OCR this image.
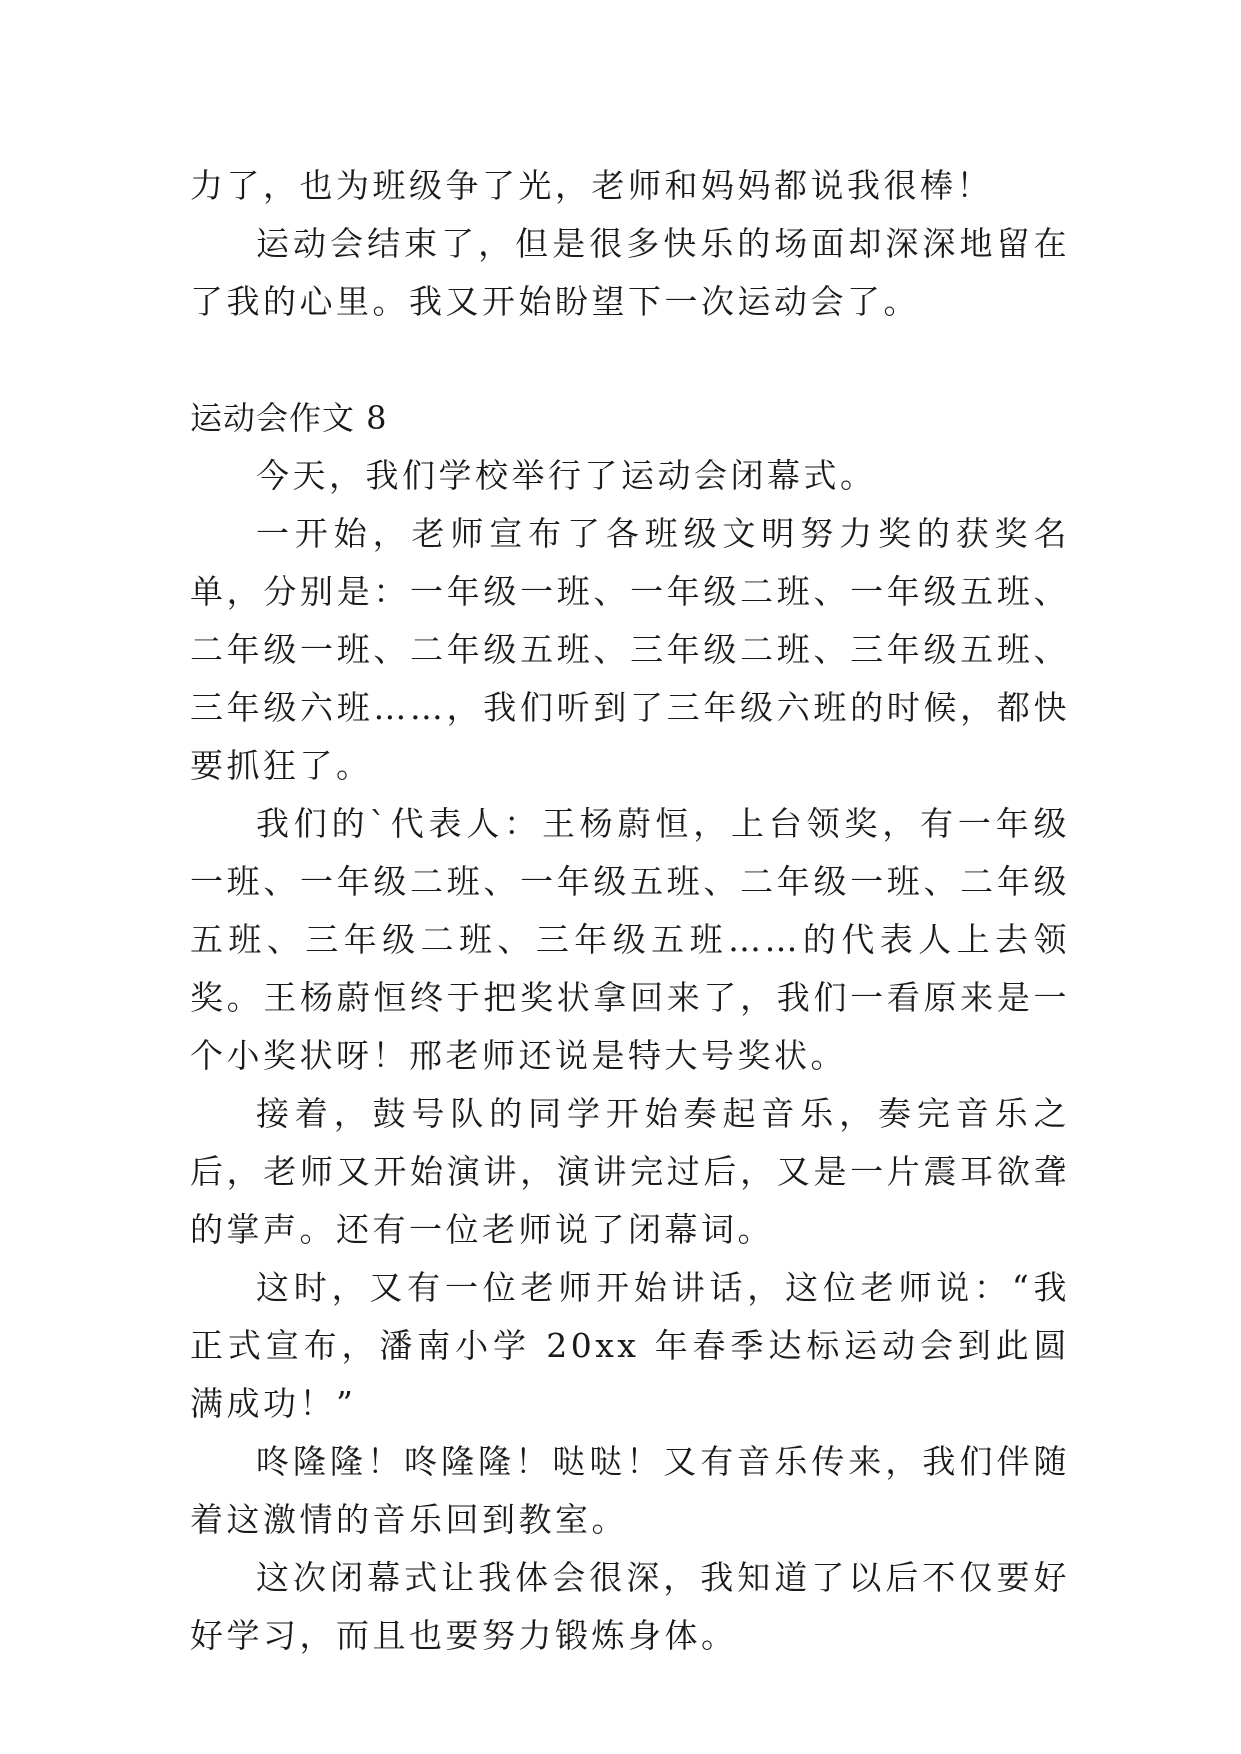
力了，也为班级争了光，老师和妈妈都说我很棒！

运动会结束了，但是很多快乐的场面却深深地留在了我的心里。我又开始盼望下一次运动会了。

运动会作文 8

今天，我们学校举行了运动会闭幕式。

一开始，老师宣布了各班级文明努力奖的获奖名单，分别是：一年级一班、一年级二班、一年级五班、二年级一班、二年级五班、三年级二班、三年级五班、三年级六班……，我们听到了三年级六班的时候，都快要抓狂了。

我们的`代表人：王杨蔚恒，上台领奖，有一年级一班、一年级二班、一年级五班、二年级一班、二年级五班、三年级二班、三年级五班……的代表人上去领奖。王杨蔚恒终于把奖状拿回来了，我们一看原来是一个小奖状呀！邢老师还说是特大号奖状。

接着，鼓号队的同学开始奏起音乐，奏完音乐之后，老师又开始演讲，演讲完过后，又是一片震耳欲聋的掌声。还有一位老师说了闭幕词。

这时，又有一位老师开始讲话，这位老师说：“我正式宣布，潘南小学 20xx 年春季达标运动会到此圆满成功！”

咚隆隆！咚隆隆！哒哒！又有音乐传来，我们伴随着这激情的音乐回到教室。

这次闭幕式让我体会很深，我知道了以后不仅要好好学习，而且也要努力锻炼身体。
